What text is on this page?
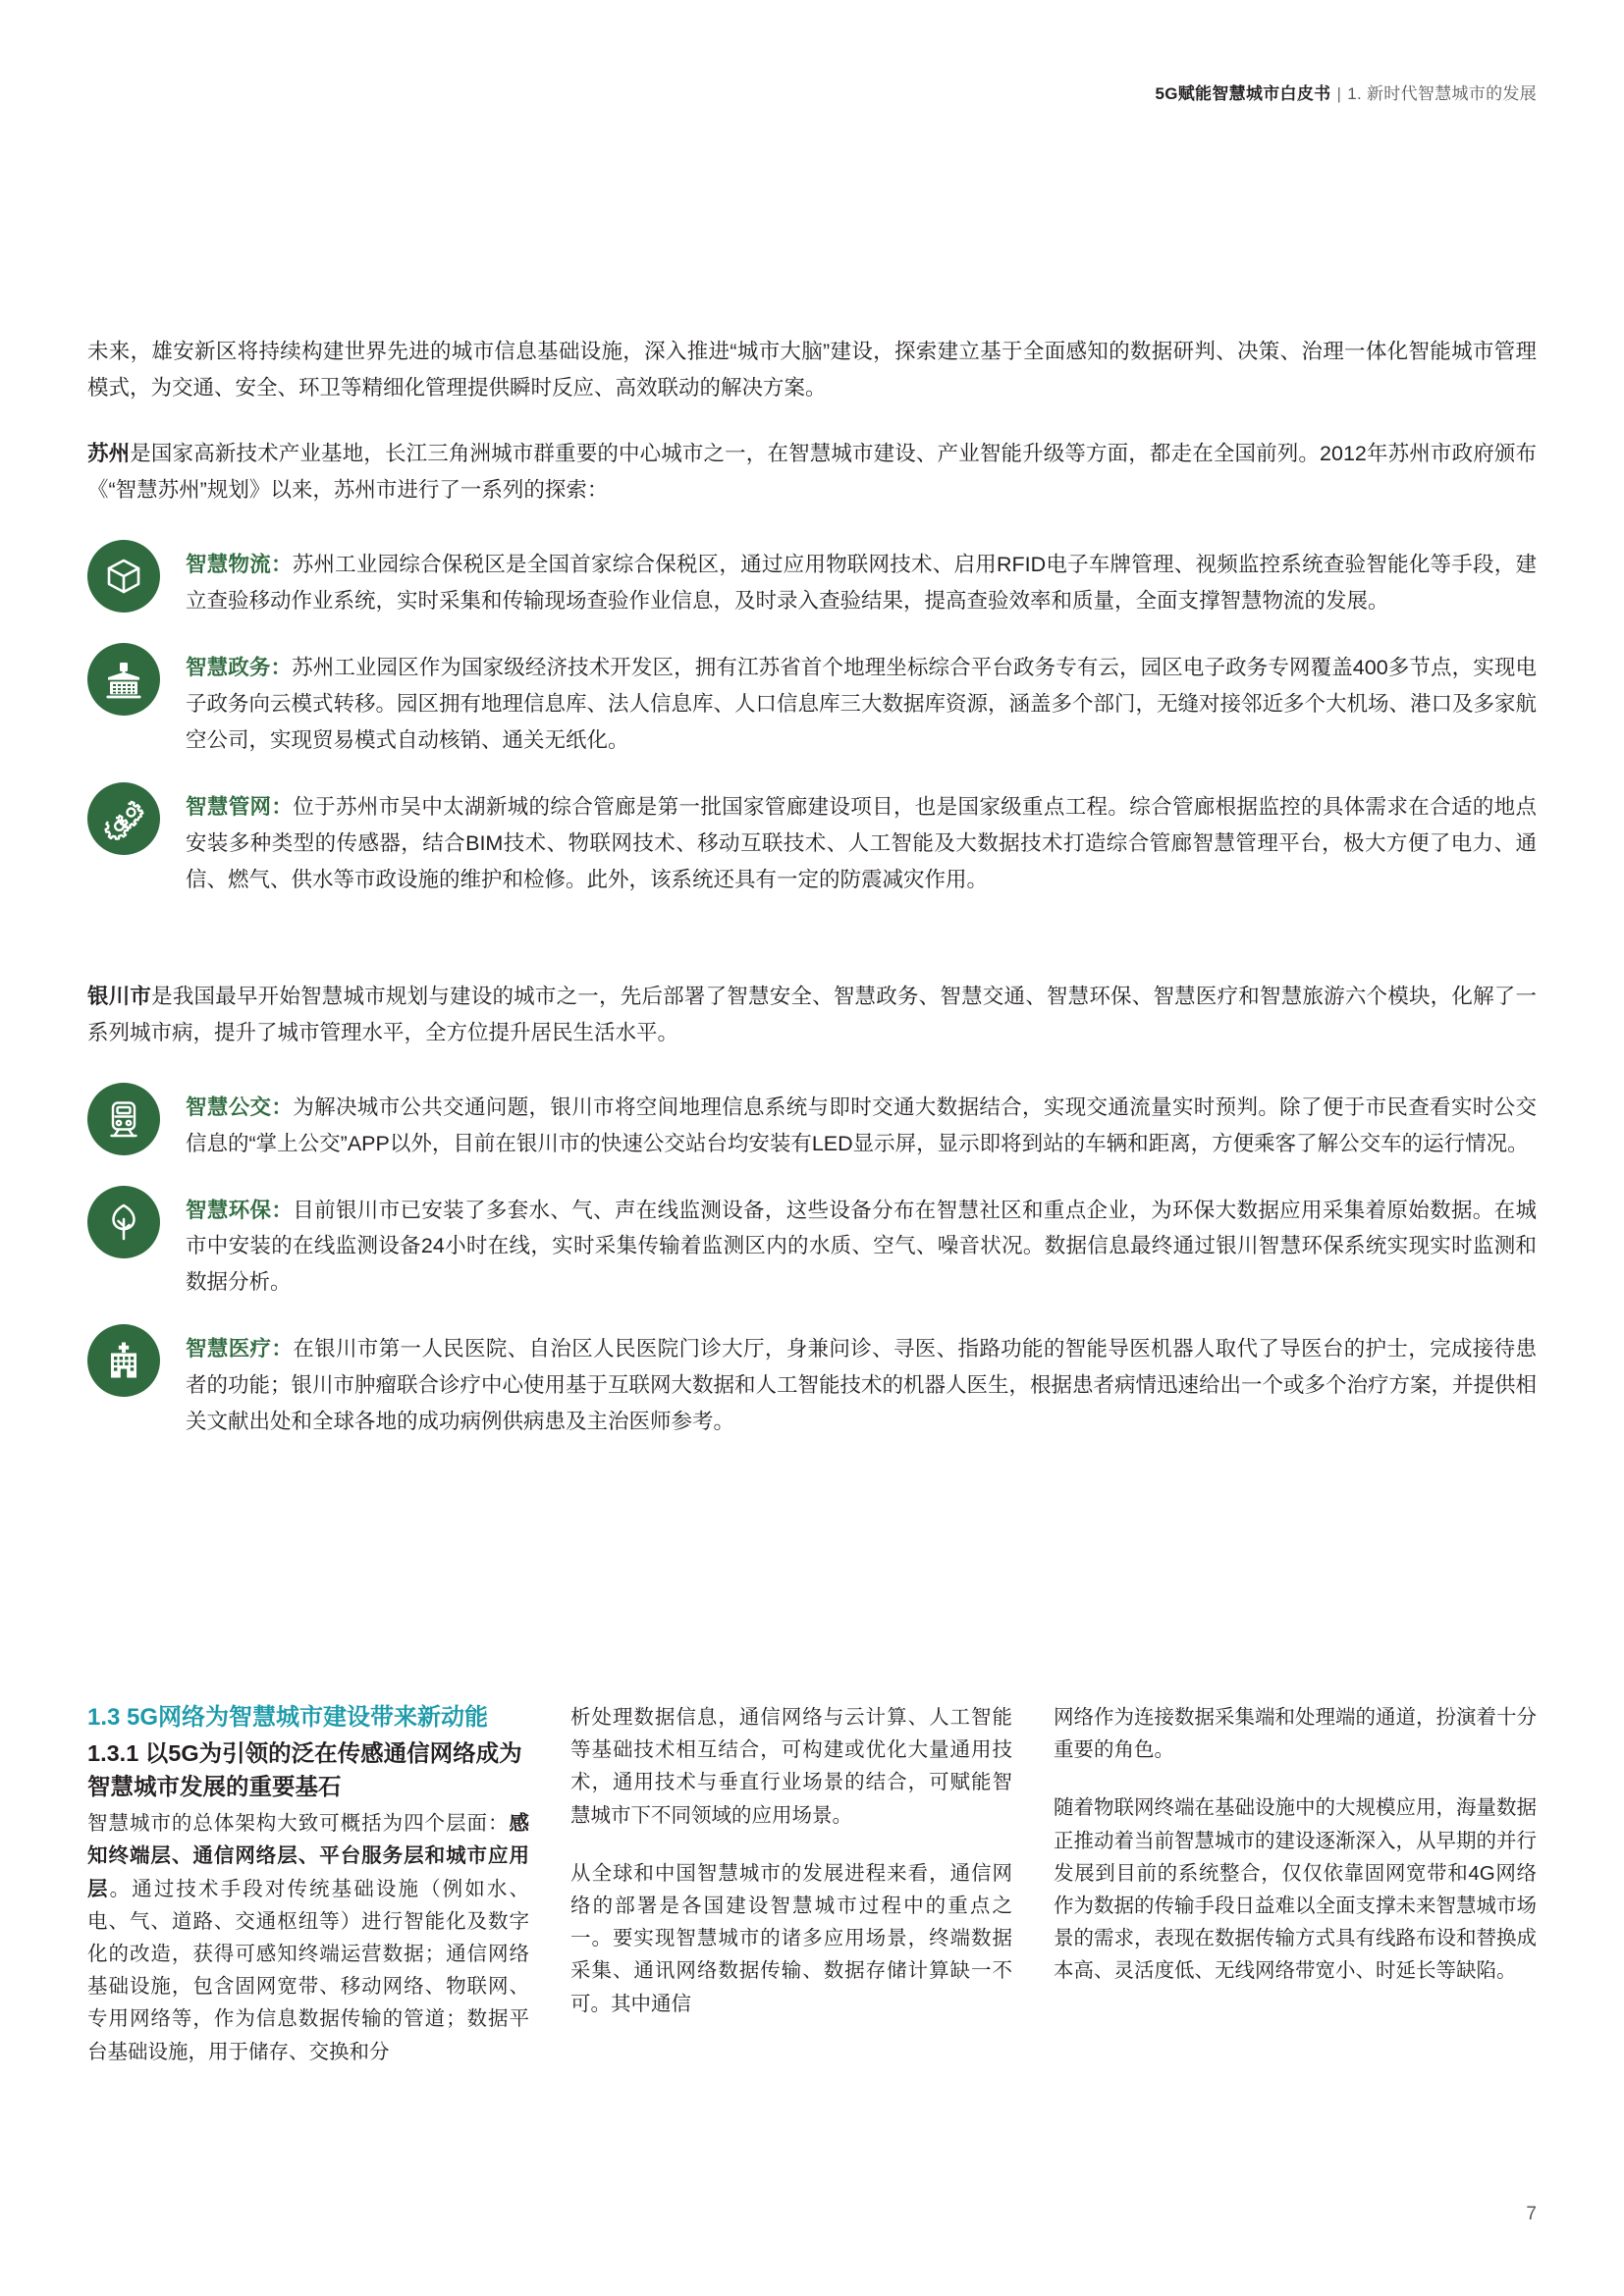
5G赋能智慧城市白皮书 | 1. 新时代智慧城市的发展

未来，雄安新区将持续构建世界先进的城市信息基础设施，深入推进“城市大脑”建设，探索建立基于全面感知的数据研判、决策、治理一体化智能城市管理模式，为交通、安全、环卫等精细化管理提供瞬时反应、高效联动的解决方案。

苏州是国家高新技术产业基地，长江三角洲城市群重要的中心城市之一，在智慧城市建设、产业智能升级等方面，都走在全国前列。2012年苏州市政府颁布《“智慧苏州”规划》以来，苏州市进行了一系列的探索：

智慧物流：苏州工业园综合保税区是全国首家综合保税区，通过应用物联网技术、启用RFID电子车牌管理、视频监控系统查验智能化等手段，建立查验移动作业系统，实时采集和传输现场查验作业信息，及时录入查验结果，提高查验效率和质量，全面支撑智慧物流的发展。
智慧政务：苏州工业园区作为国家级经济技术开发区，拥有江苏省首个地理坐标综合平台政务专有云，园区电子政务专网覆盖400多节点，实现电子政务向云模式转移。园区拥有地理信息库、法人信息库、人口信息库三大数据库资源，涵盖多个部门，无缝对接邻近多个大机场、港口及多家航空公司，实现贸易模式自动核销、通关无纸化。
智慧管网：位于苏州市吴中太湖新城的综合管廊是第一批国家管廊建设项目，也是国家级重点工程。综合管廊根据监控的具体需求在合适的地点安装多种类型的传感器，结合BIM技术、物联网技术、移动互联技术、人工智能及大数据技术打造综合管廊智慧管理平台，极大方便了电力、通信、燃气、供水等市政设施的维护和检修。此外，该系统还具有一定的防震减灾作用。

银川市是我国最早开始智慧城市规划与建设的城市之一，先后部署了智慧安全、智慧政务、智慧交通、智慧环保、智慧医疗和智慧旅游六个模块，化解了一系列城市病，提升了城市管理水平，全方位提升居民生活水平。

智慧公交：为解决城市公共交通问题，银川市将空间地理信息系统与即时交通大数据结合，实现交通流量实时预判。除了便于市民查看实时公交信息的“掌上公交”APP以外，目前在银川市的快速公交站台均安装有LED显示屏，显示即将到站的车辆和距离，方便乘客了解公交车的运行情况。
智慧环保：目前银川市已安装了多套水、气、声在线监测设备，这些设备分布在智慧社区和重点企业，为环保大数据应用采集着原始数据。在城市中安装的在线监测设备24小时在线，实时采集传输着监测区内的水质、空气、噪音状况。数据信息最终通过银川智慧环保系统实现实时监测和数据分析。
智慧医疗：在银川市第一人民医院、自治区人民医院门诊大厅，身兼问诊、寻医、指路功能的智能导医机器人取代了导医台的护士，完成接待患者的功能；银川市肿瘤联合诊疗中心使用基于互联网大数据和人工智能技术的机器人医生，根据患者病情迅速给出一个或多个治疗方案，并提供相关文献出处和全球各地的成功病例供病患及主治医师参考。
1.3 5G网络为智慧城市建设带来新动能
1.3.1 以5G为引领的泛在传感通信网络成为智慧城市发展的重要基石

智慧城市的总体架构大致可概括为四个层面：感知终端层、通信网络层、平台服务层和城市应用层。通过技术手段对传统基础设施（例如水、电、气、道路、交通枢纽等）进行智能化及数字化的改造，获得可感知终端运营数据；通信网络基础设施，包含固网宽带、移动网络、物联网、专用网络等，作为信息数据传输的管道；数据平台基础设施，用于储存、交换和分

析处理数据信息，通信网络与云计算、人工智能等基础技术相互结合，可构建或优化大量通用技术，通用技术与垂直行业场景的结合，可赋能智慧城市下不同领域的应用场景。

从全球和中国智慧城市的发展进程来看，通信网络的部署是各国建设智慧城市过程中的重点之一。要实现智慧城市的诸多应用场景，终端数据采集、通讯网络数据传输、数据存储计算缺一不可。其中通信

网络作为连接数据采集端和处理端的通道，扮演着十分重要的角色。

随着物联网终端在基础设施中的大规模应用，海量数据正推动着当前智慧城市的建设逐渐深入，从早期的并行发展到目前的系统整合，仅仅依靠固网宽带和4G网络作为数据的传输手段日益难以全面支撑未来智慧城市场景的需求，表现在数据传输方式具有线路布设和替换成本高、灵活度低、无线网络带宽小、时延长等缺陷。

7
